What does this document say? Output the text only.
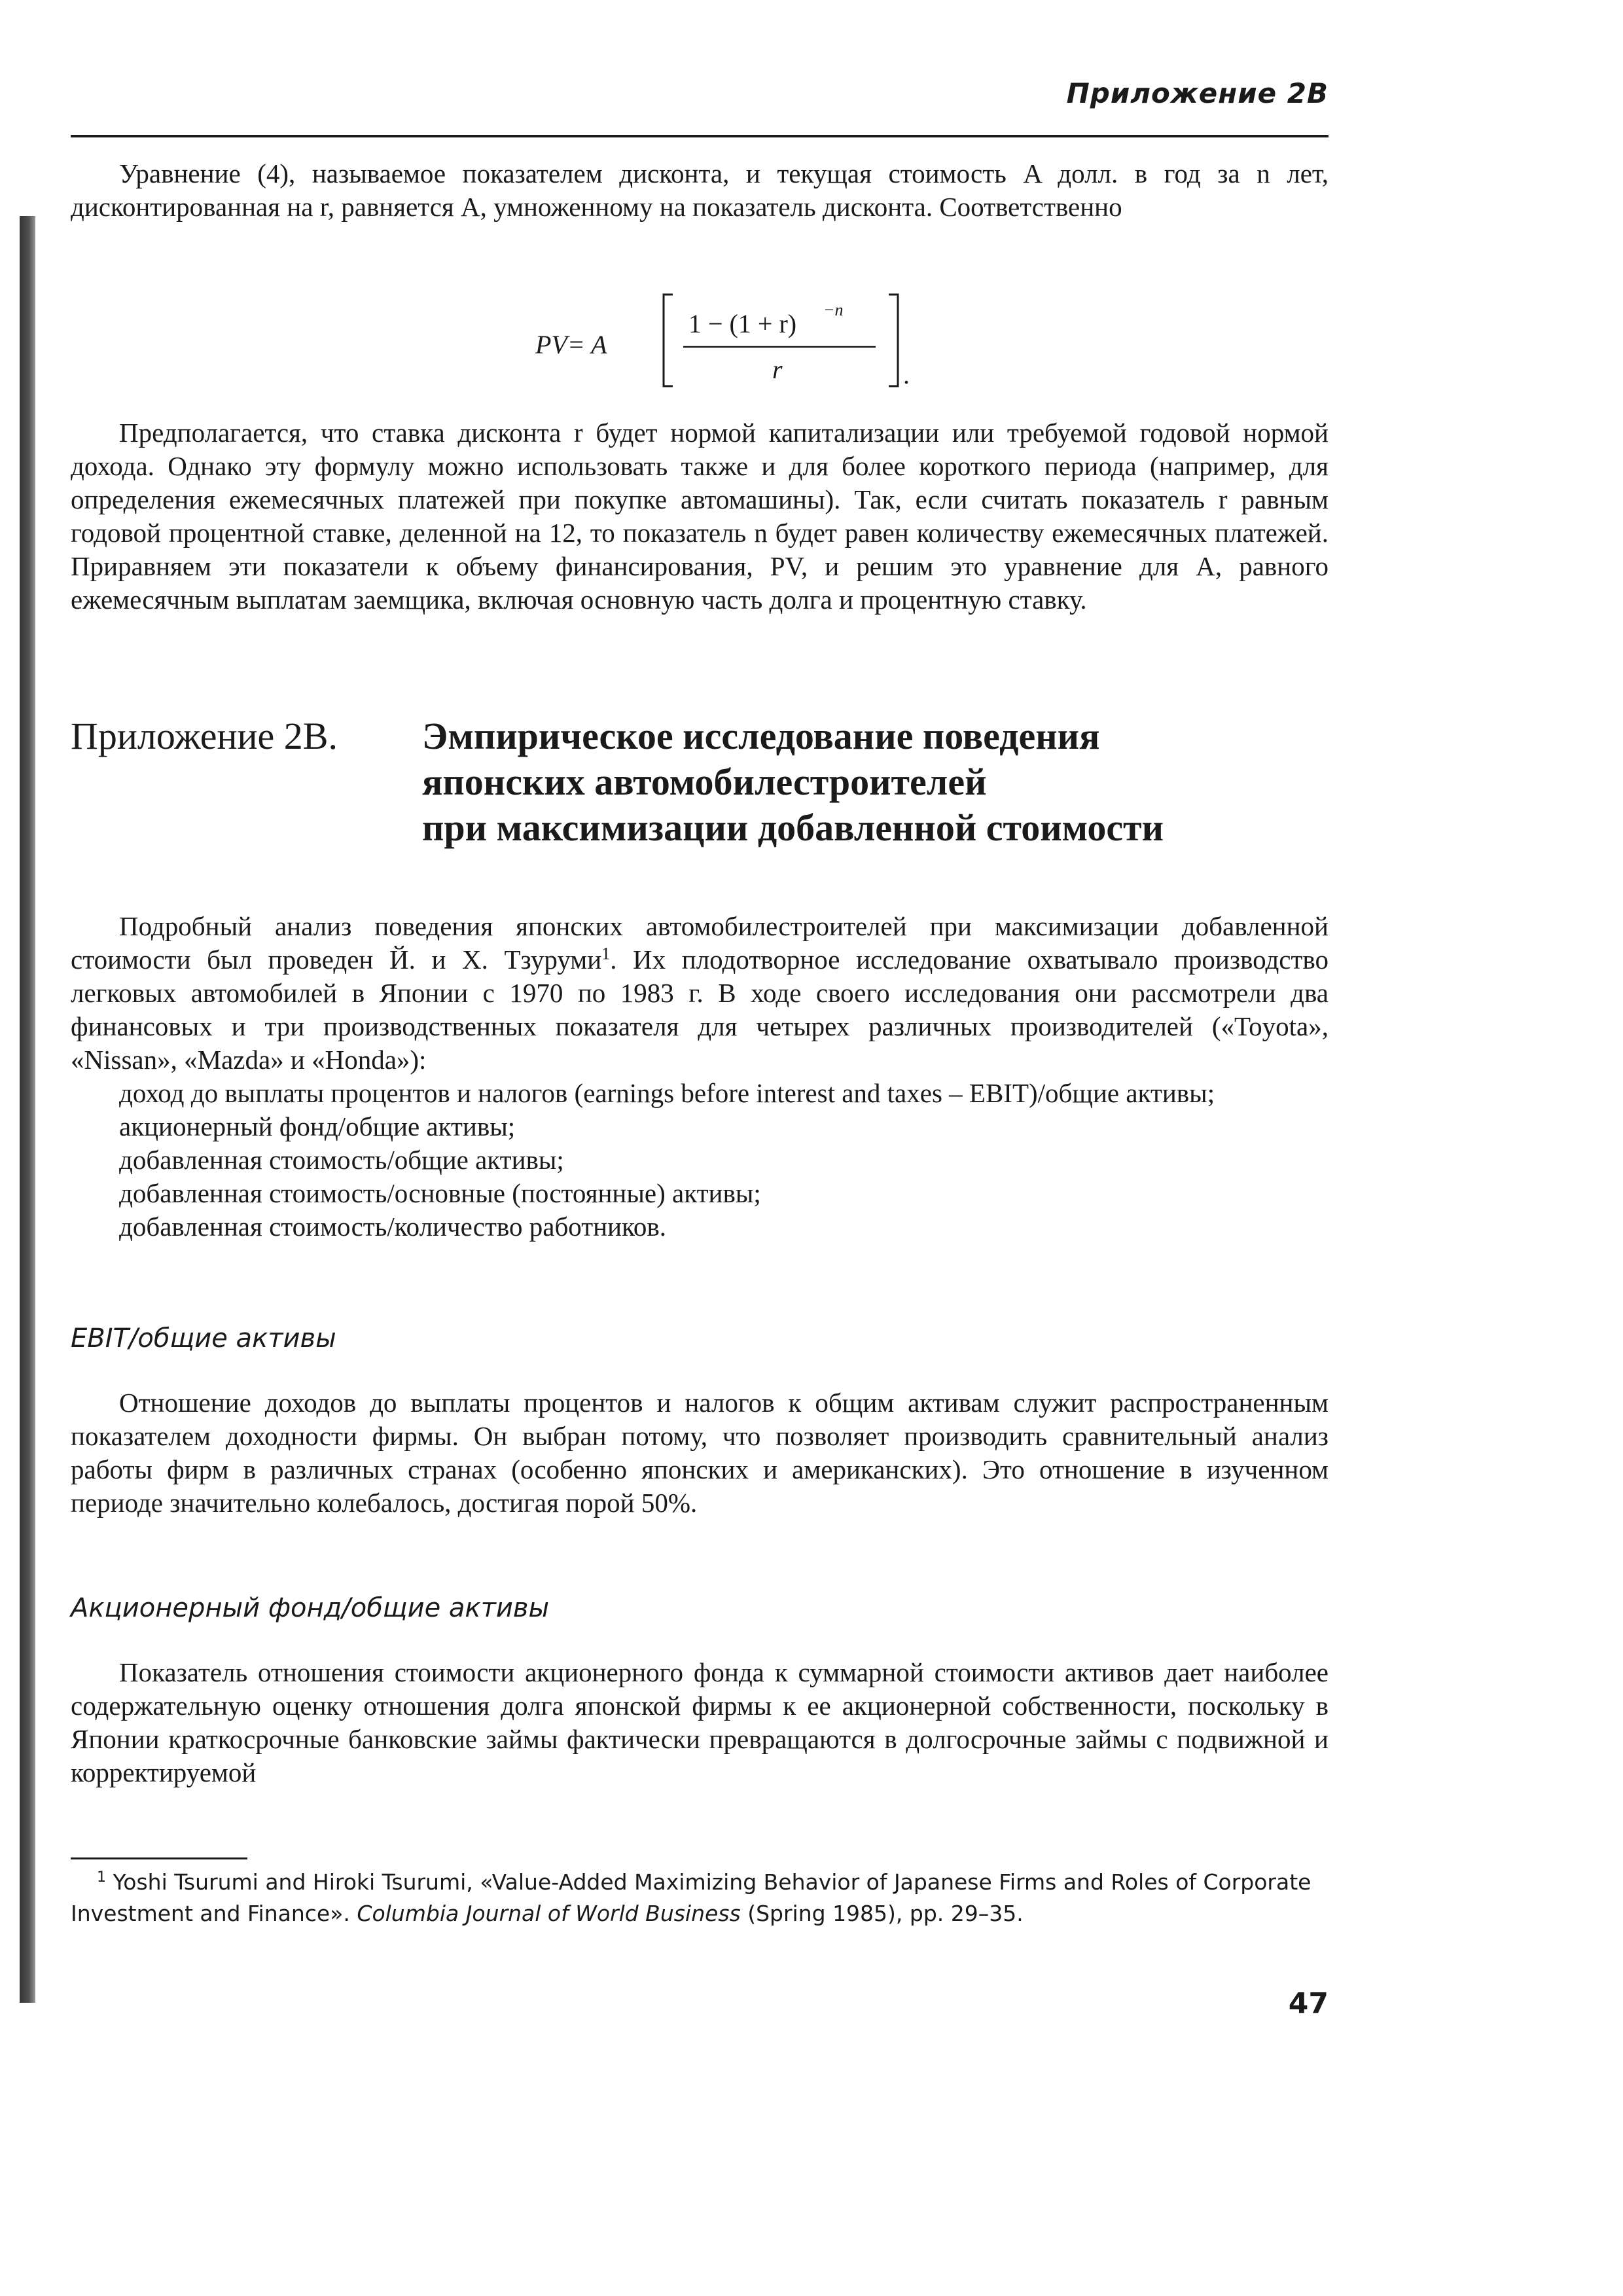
Приложение 2В

Уравнение (4), называемое показателем дисконта, и текущая стоимость A долл. в год за n лет, дисконтированная на r, равняется A, умноженному на показатель дисконта. Соответственно

PV= A
1 − (1 + r) −n
r	.

Предполагается, что ставка дисконта r будет нормой капитализации или требуемой годовой нормой дохода. Однако эту формулу можно использовать также и для более короткого периода (например, для определения ежемесячных платежей при покупке автомашины). Так, если считать показатель r равным годовой процентной ставке, деленной на 12, то показатель n будет равен количеству ежемесячных платежей. Приравняем эти показатели к объему финансирования, PV, и решим это уравнение для A, равного ежемесячным выплатам заемщика, включая основную часть долга и процентную ставку.

Приложение 2В. Эмпирическое исследование поведения
японских автомобилестроителей
при максимизации добавленной стоимости

Подробный анализ поведения японских автомобилестроителей при максимизации добавленной стоимости был проведен Й. и Х. Тзуруми$^1$. Их плодотворное исследование охватывало производство легковых автомобилей в Японии с 1970 по 1983 г. В ходе своего исследования они рассмотрели два финансовых и три производственных показателя для четырех различных производителей («Toyota», «Nissan», «Mazda» и «Honda»):

доход до выплаты процентов и налогов (earnings before interest and taxes – EBIT)/общие активы;
акционерный фонд/общие активы;
добавленная стоимость/общие активы;
добавленная стоимость/основные (постоянные) активы;
добавленная стоимость/количество работников.
EBIT/общие активы

Отношение доходов до выплаты процентов и налогов к общим активам служит распространенным показателем доходности фирмы. Он выбран потому, что позволяет производить сравнительный анализ работы фирм в различных странах (особенно японских и американских). Это отношение в изученном периоде значительно колебалось, достигая порой 50%.

Акционерный фонд/общие активы

Показатель отношения стоимости акционерного фонда к суммарной стоимости активов дает наиболее содержательную оценку отношения долга японской фирмы к ее акционерной собственности, поскольку в Японии краткосрочные банковские займы фактически превращаются в долгосрочные займы с подвижной и корректируемой

$^1$ Yoshi Tsurumi and Hiroki Tsurumi, «Value-Added Maximizing Behavior of Japanese Firms and Roles of Corporate Investment and Finance». Columbia Journal of World Business (Spring 1985), pp. 29–35.

47
